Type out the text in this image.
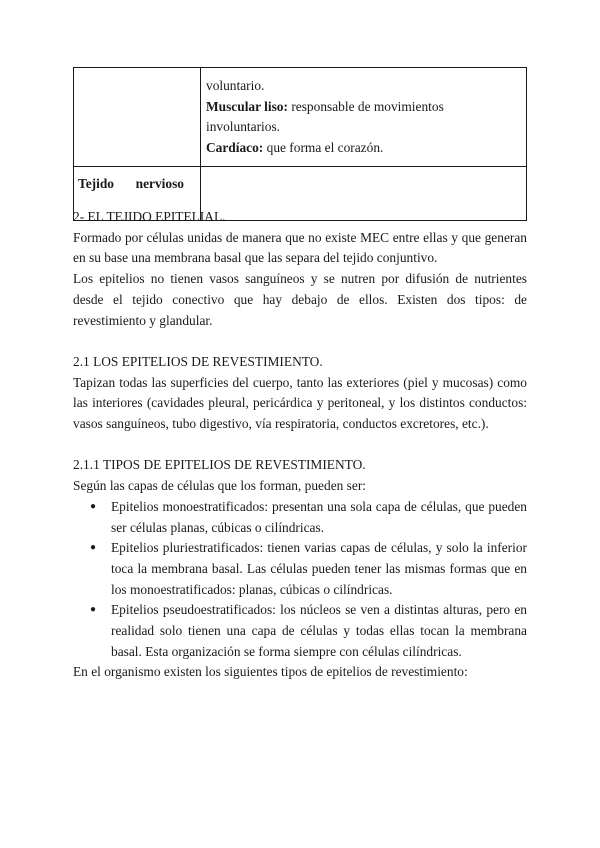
	voluntario.
Muscular liso: responsable de movimientos involuntarios.
Cardíaco: que forma el corazón.

Tejido nervioso	

2- EL TEJIDO EPITELIAL.

Formado por células unidas de manera que no existe MEC entre ellas y que generan en su base una membrana basal que las separa del tejido conjuntivo.

Los epitelios no tienen vasos sanguíneos y se nutren por difusión de nutrientes desde el tejido conectivo que hay debajo de ellos. Existen dos tipos: de revestimiento y glandular.

2.1 LOS EPITELIOS DE REVESTIMIENTO.

Tapizan todas las superficies del cuerpo, tanto las exteriores (piel y mucosas) como las interiores (cavidades pleural, pericárdica y peritoneal, y los distintos conductos: vasos sanguíneos, tubo digestivo, vía respiratoria, conductos excretores, etc.).

2.1.1 TIPOS DE EPITELIOS DE REVESTIMIENTO.

Según las capas de células que los forman, pueden ser:

● Epitelios monoestratificados: presentan una sola capa de células, que pueden ser células planas, cúbicas o cilíndricas.
● Epitelios pluriestratificados: tienen varias capas de células, y solo la inferior toca la membrana basal. Las células pueden tener las mismas formas que en los monoestratificados: planas, cúbicas o cilíndricas.
● Epitelios pseudoestratificados: los núcleos se ven a distintas alturas, pero en realidad solo tienen una capa de células y todas ellas tocan la membrana basal. Esta organización se forma siempre con células cilíndricas.

En el organismo existen los siguientes tipos de epitelios de revestimiento:
